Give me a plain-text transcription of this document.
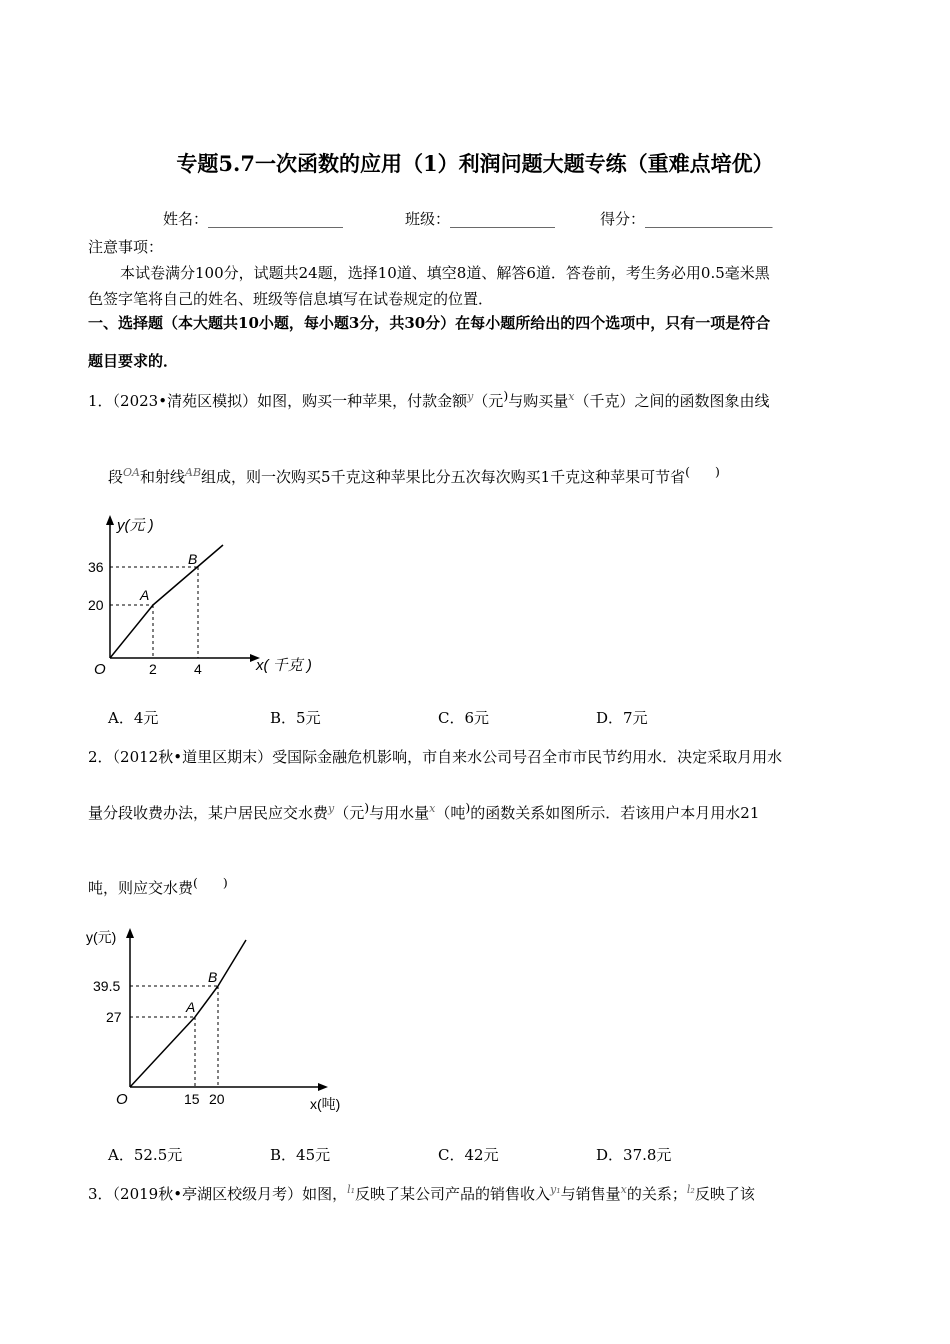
专题5.7一次函数的应用（1）利润问题大题专练（重难点培优）
姓名：__________________	班级：______________	得分：_________________
注意事项：
本试卷满分100分，试题共24题，选择10道、填空8道、解答6道．答卷前，考生务必用0.5毫米黑
色签字笔将自己的姓名、班级等信息填写在试卷规定的位置．
一、选择题（本大题共10小题，每小题3分，共30分）在每小题所给出的四个选项中，只有一项是符合
题目要求的．
1．（2023•清苑区模拟）如图，购买一种苹果，付款金额$^y$（元)与购买量$^x$（千克）之间的函数图象由线
段$^{OA}$和射线$^{AB}$组成，则一次购买5千克这种苹果比分五次每次购买1千克这种苹果可节省(　　)
y(元 )
36
20
O	2	4	x( 千克 )
A
B
A．4元	B．5元	C．6元	D．7元
2．（2012秋•道里区期末）受国际金融危机影响，市自来水公司号召全市市民节约用水．决定采取月用水
量分段收费办法，某户居民应交水费$^y$（元)与用水量$^x$（吨)的函数关系如图所示．若该用户本月用水21
吨，则应交水费(　　)
y(元)
39.5
27
O	15 20	x(吨)
A
B
A．52.5元	B．45元	C．42元	D．37.8元
3．（2019秋•亭湖区校级月考）如图，$^{l_1}$反映了某公司产品的销售收入$^{y_1}$与销售量$^x$的关系；$^{l_2}$反映了该
